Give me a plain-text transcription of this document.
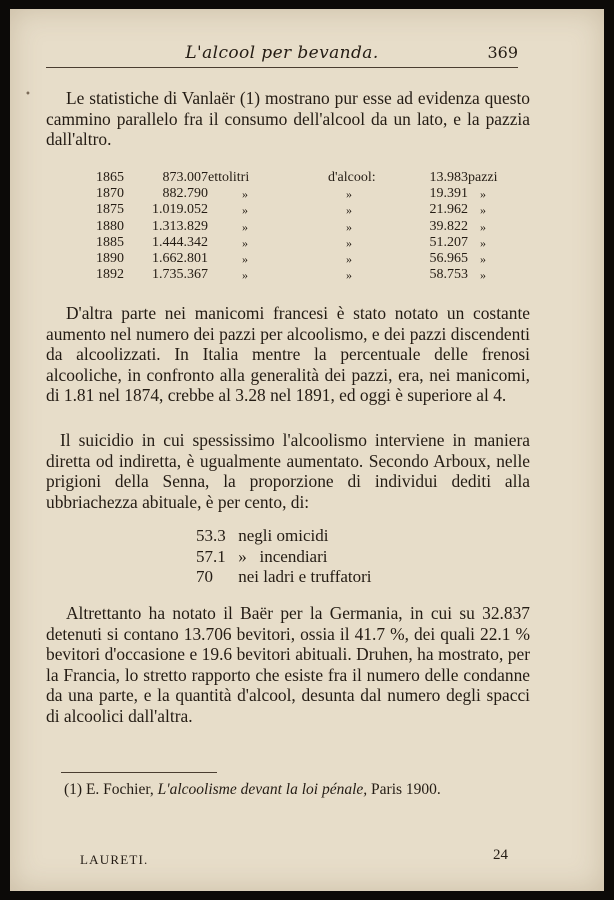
L'alcool per bevanda.	369
•	Le statistiche di Vanlaër (1) mostrano pur esse ad evidenza questo cammino parallelo fra il consumo dell'alcool da un lato, e la pazzia dall'altro.

1865	873.007	ettolitri	d'alcool:	13.983	pazzi
1870	882.790	»	»	19.391	»
1875	1.019.052	»	»	21.962	»
1880	1.313.829	»	»	39.822	»
1885	1.444.342	»	»	51.207	»
1890	1.662.801	»	»	56.965	»
1892	1.735.367	»	»	58.753	»

D'altra parte nei manicomi francesi è stato notato un costante aumento nel numero dei pazzi per alcoolismo, e dei pazzi discendenti da alcoolizzati. In Italia mentre la percentuale delle frenosi alcooliche, in confronto alla generalità dei pazzi, era, nei manicomi, di 1.81 nel 1874, crebbe al 3.28 nel 1891, ed oggi è superiore al 4.

Il suicidio in cui spessissimo l'alcoolismo interviene in maniera diretta od indiretta, è ugualmente aumentato. Secondo Arboux, nelle prigioni della Senna, la proporzione di individui dediti alla ubbriachezza abituale, è per cento, di:

53.3 negli omicidi
57.1 »   incendiari
70 nei ladri e truffatori

Altrettanto ha notato il Baër per la Germania, in cui su 32.837 detenuti si contano 13.706 bevitori, ossia il 41.7 %, dei quali 22.1 % bevitori d'occasione e 19.6 bevitori abituali. Druhen, ha mostrato, per la Francia, lo stretto rapporto che esiste fra il numero delle condanne da una parte, e la quantità d'alcool, desunta dal numero degli spacci di alcoolici dall'altra.

(1) E. Fochier, L'alcoolisme devant la loi pénale, Paris 1900.
LAURETI.	24
